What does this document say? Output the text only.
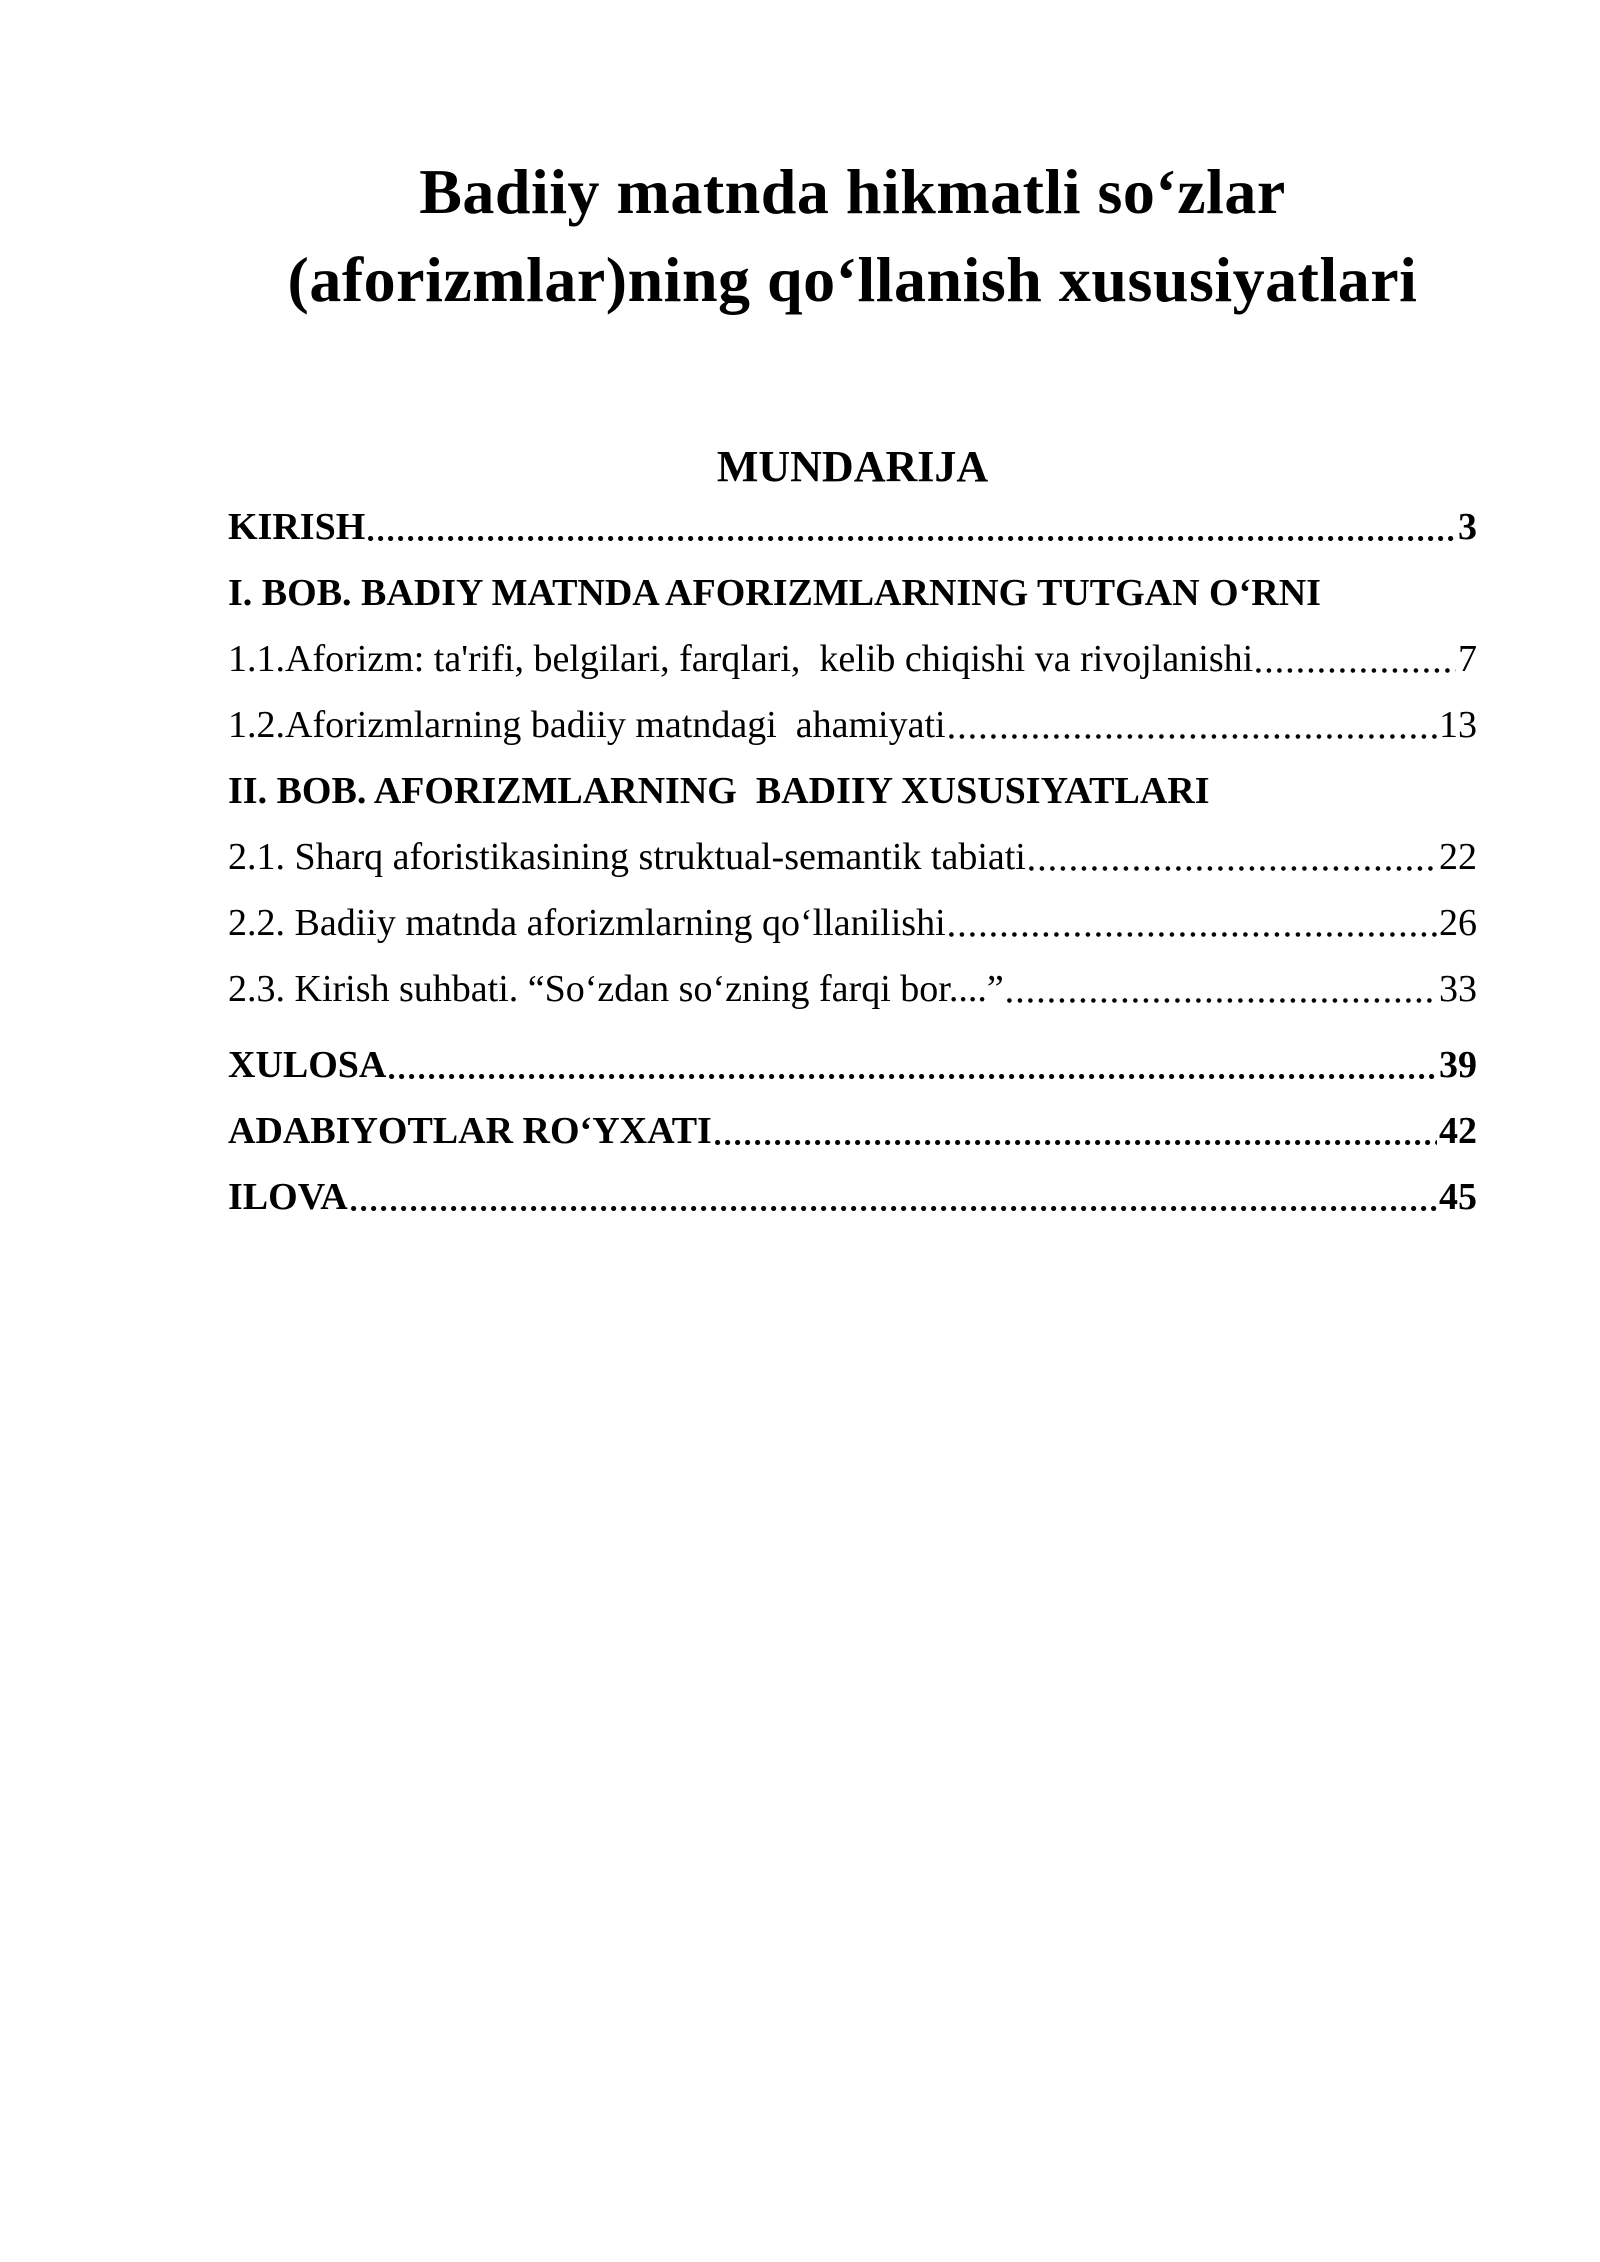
Badiiy matnda hikmatli soʻzlar
(aforizmlar)ning qoʻllanish xususiyatlari
MUNDARIJA
KIRISH	3
I. BOB. BADIY MATNDA AFORIZMLARNING TUTGAN OʻRNI
1.1.Aforizm: ta'rifi, belgilari, farqlari,  kelib chiqishi va rivojlanishi	7
1.2.Aforizmlarning badiiy matndagi  ahamiyati	13
II. BOB. AFORIZMLARNING  BADIIY XUSUSIYATLARI
2.1. Sharq aforistikasining struktual-semantik tabiati	22
2.2. Badiiy matnda aforizmlarning qoʻllanilishi	26
2.3. Kirish suhbati. “Soʻzdan soʻzning farqi bor....”	33
XULOSA	39
ADABIYOTLAR ROʻYXATI	42
ILOVA	45
